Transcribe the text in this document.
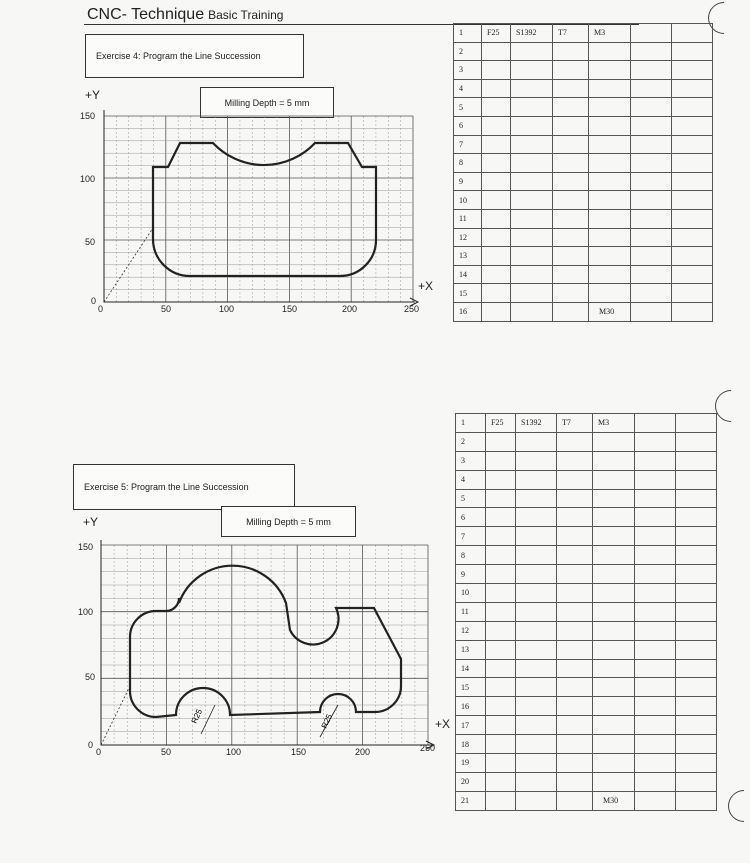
CNC- Technique Basic Training
Exercise 4: Program the Line Succession
Milling Depth = 5 mm
+Y
+X
0	50	100	150	200	250
0
50
100
150
1	F25	S1392	T7	M3		
2						
3						
4						
5						
6						
7						
8						
9						
10						
11						
12						
13						
14						
15						
16				M30		
Exercise 5: Program the Line Succession
Milling Depth = 5 mm
+Y
+X
0	50	100	150	200	250
0
50
100
150
R25	R25
1	F25	S1392	T7	M3		
2						
3						
4						
5						
6						
7						
8						
9						
10						
11						
12						
13						
14						
15						
16						
17						
18						
19						
20						
21				M30		
